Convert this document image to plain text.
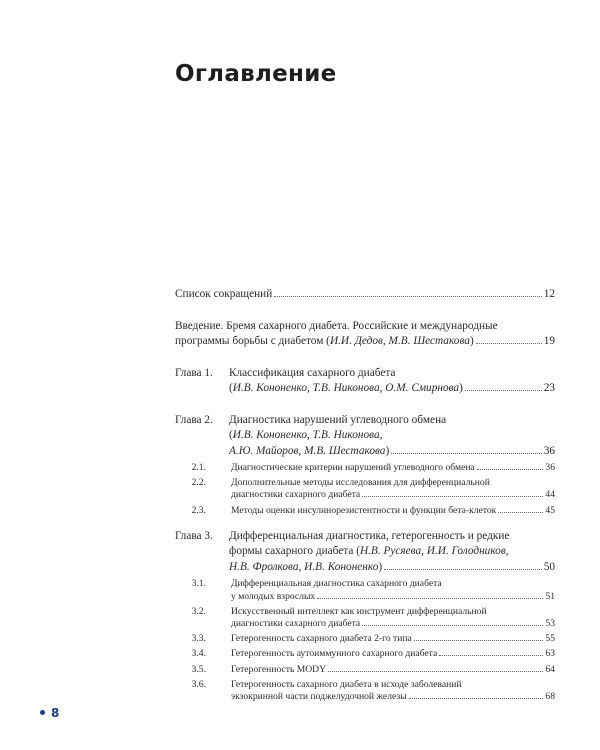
Оглавление
Список сокращений	12
Введение. Бремя сахарного диабета. Российские и международные
программы борьбы с диабетом (И.И. Дедов, М.В. Шестакова)	19
Глава 1. Классификация сахарного диабета
(И.В. Кононенко, Т.В. Никонова, О.М. Смирнова)	23
Глава 2. Диагностика нарушений углеводного обмена
(И.В. Кононенко, Т.В. Никонова,
А.Ю. Майоров, М.В. Шестакова)	36
2.1.	Диагностические критерии нарушений углеводного обмена	36
2.2.	Дополнительные методы исследования для дифференциальной
диагностики сахарного диабета	44
2.3.	Методы оценки инсулинорезистентности и функции бета-клеток	45
Глава 3. Дифференциальная диагностика, гетерогенность и редкие
формы сахарного диабета (Н.В. Русяева, И.И. Голодников,
Н.В. Фролкова, И.В. Кононенко)	50
3.1.	Дифференциальная диагностика сахарного диабета
у молодых взрослых	51
3.2.	Искусственный интеллект как инструмент дифференциальной
диагностики сахарного диабета	53
3.3.	Гетерогенность сахарного диабета 2-го типа	55
3.4.	Гетерогенность аутоиммунного сахарного диабета	63
3.5.	Гетерогенность MODY	64
3.6.	Гетерогенность сахарного диабета в исходе заболеваний
экзокринной части поджелудочной железы	68
8
